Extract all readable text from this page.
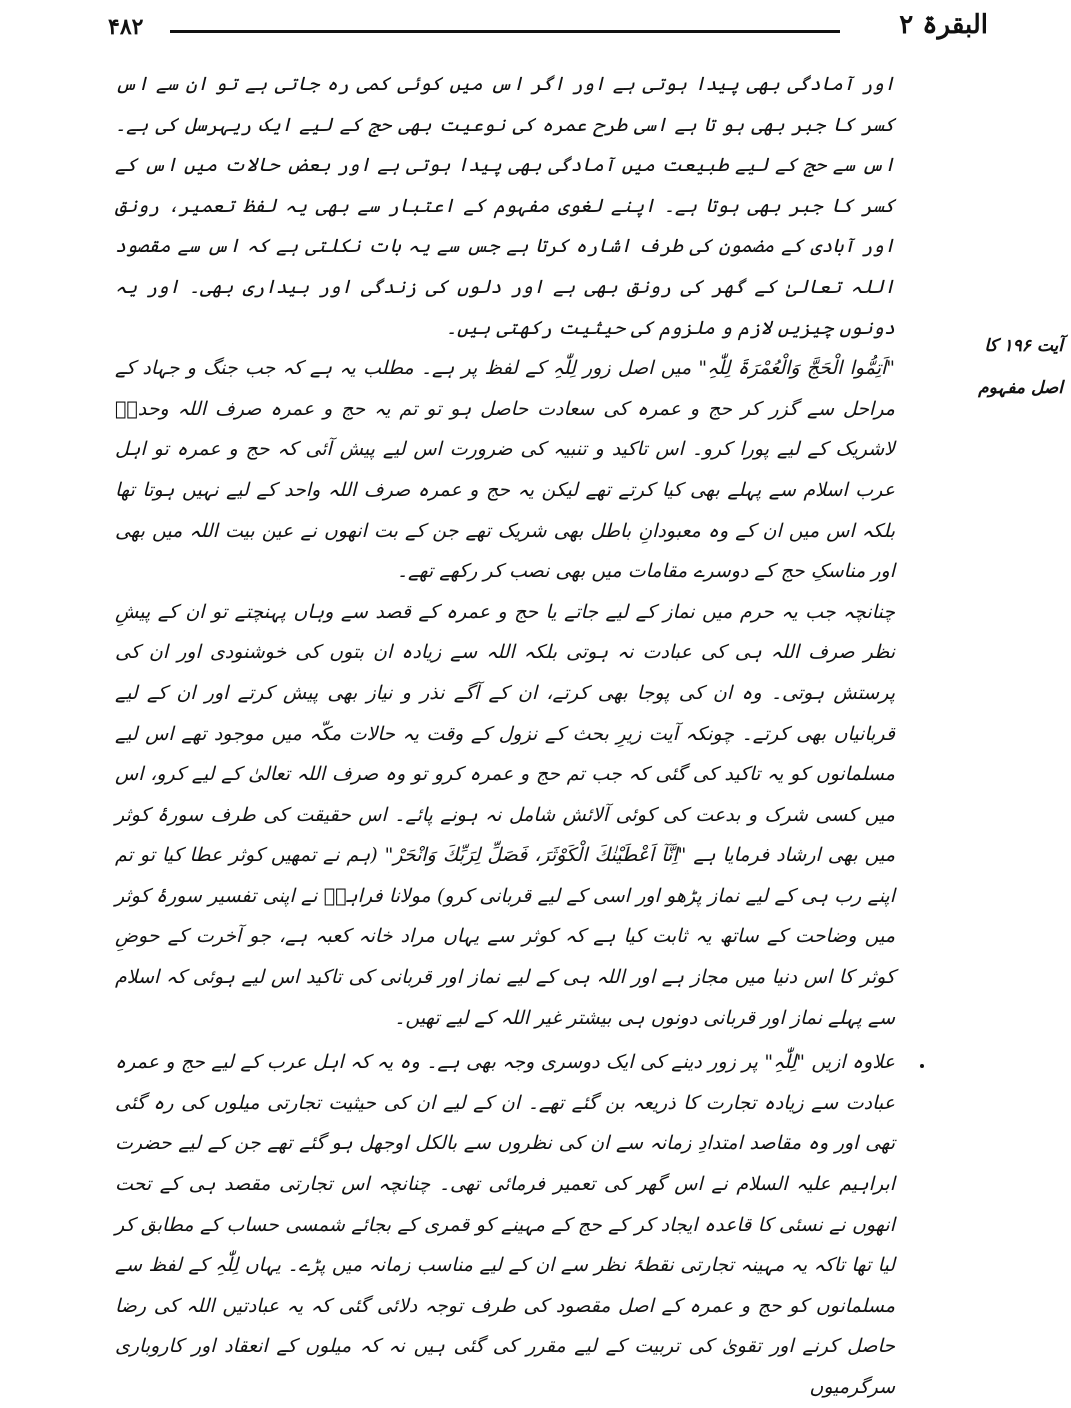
۴۸۲	البقرۃ ۲
آیت ۱۹۶ کا
اصل مفہوم

اور آمادگی بھی پیدا ہوتی ہے اور اگر اس میں کوئی کمی رہ جاتی ہے تو ان سے اس کسر کا جبر بھی ہو تا ہے اسی طرح عمرہ کی نوعیت بھی حج کے لیے ایک ریہرسل کی ہے۔ اس سے حج کے لیے طبیعت میں آمادگی بھی پیدا ہوتی ہے اور بعض حالات میں اس کے کسر کا جبر بھی ہوتا ہے۔ اپنے لغوی مفہوم کے اعتبار سے بھی یہ لفظ تعمیر، رونق اور آبادی کے مضمون کی طرف اشارہ کرتا ہے جس سے یہ بات نکلتی ہے کہ اس سے مقصود اللہ تعالیٰ کے گھر کی رونق بھی ہے اور دلوں کی زندگی اور بیداری بھی۔ اور یہ دونوں چیزیں لازم و ملزوم کی حیثیت رکھتی ہیں۔

"اَتِمُّوا الْحَجَّ وَالْعُمْرَۃَ لِلّٰہِ" میں اصل زور لِلّٰہِ کے لفظ پر ہے۔ مطلب یہ ہے کہ جب جنگ و جہاد کے مراحل سے گزر کر حج و عمرہ کی سعادت حاصل ہو تو تم یہ حج و عمرہ صرف اللہ وحدہٗ لاشریک کے لیے پورا کرو۔ اس تاکید و تنبیہ کی ضرورت اس لیے پیش آئی کہ حج و عمرہ تو اہل عرب اسلام سے پہلے بھی کیا کرتے تھے لیکن یہ حج و عمرہ صرف اللہ واحد کے لیے نہیں ہوتا تھا بلکہ اس میں ان کے وہ معبودانِ باطل بھی شریک تھے جن کے بت انھوں نے عین بیت اللہ میں بھی اور مناسکِ حج کے دوسرے مقامات میں بھی نصب کر رکھے تھے۔

چنانچہ جب یہ حرم میں نماز کے لیے جاتے یا حج و عمرہ کے قصد سے وہاں پہنچتے تو ان کے پیشِ نظر صرف اللہ ہی کی عبادت نہ ہوتی بلکہ اللہ سے زیادہ ان بتوں کی خوشنودی اور ان کی پرستش ہوتی۔ وہ ان کی پوجا بھی کرتے، ان کے آگے نذر و نیاز بھی پیش کرتے اور ان کے لیے قربانیاں بھی کرتے۔ چونکہ آیت زیرِ بحث کے نزول کے وقت یہ حالات مکّہ میں موجود تھے اس لیے مسلمانوں کو یہ تاکید کی گئی کہ جب تم حج و عمرہ کرو تو وہ صرف اللہ تعالیٰ کے لیے کرو، اس میں کسی شرک و بدعت کی کوئی آلائش شامل نہ ہونے پائے۔ اس حقیقت کی طرف سورۂ کوثر میں بھی ارشاد فرمایا ہے "اِنَّآ اَعْطَيْنٰكَ الْكَوْثَرَ، فَصَلِّ لِرَبِّكَ وَانْحَرْ" (ہم نے تمھیں کوثر عطا کیا تو تم اپنے رب ہی کے لیے نماز پڑھو اور اسی کے لیے قربانی کرو) مولانا فراہیؒ نے اپنی تفسیر سورۂ کوثر میں وضاحت کے ساتھ یہ ثابت کیا ہے کہ کوثر سے یہاں مراد خانہ کعبہ ہے، جو آخرت کے حوضِ کوثر کا اس دنیا میں مجاز ہے اور اللہ ہی کے لیے نماز اور قربانی کی تاکید اس لیے ہوئی کہ اسلام سے پہلے نماز اور قربانی دونوں ہی بیشتر غیر اللہ کے لیے تھیں۔

علاوہ ازیں "لِلّٰہِ" پر زور دینے کی ایک دوسری وجہ بھی ہے۔ وہ یہ کہ اہل عرب کے لیے حج و عمرہ عبادت سے زیادہ تجارت کا ذریعہ بن گئے تھے۔ ان کے لیے ان کی حیثیت تجارتی میلوں کی رہ گئی تھی اور وہ مقاصد امتدادِ زمانہ سے ان کی نظروں سے بالکل اوجھل ہو گئے تھے جن کے لیے حضرت ابراہیم علیہ السلام نے اس گھر کی تعمیر فرمائی تھی۔ چنانچہ اس تجارتی مقصد ہی کے تحت انھوں نے نسئی کا قاعدہ ایجاد کر کے حج کے مہینے کو قمری کے بجائے شمسی حساب کے مطابق کر لیا تھا تاکہ یہ مہینہ تجارتی نقطۂ نظر سے ان کے لیے مناسب زمانہ میں پڑے۔ یہاں لِلّٰہِ کے لفظ سے مسلمانوں کو حج و عمرہ کے اصل مقصود کی طرف توجہ دلائی گئی کہ یہ عبادتیں اللہ کی رضا حاصل کرنے اور تقویٰ کی تربیت کے لیے مقرر کی گئی ہیں نہ کہ میلوں کے انعقاد اور کاروباری سرگرمیوں
